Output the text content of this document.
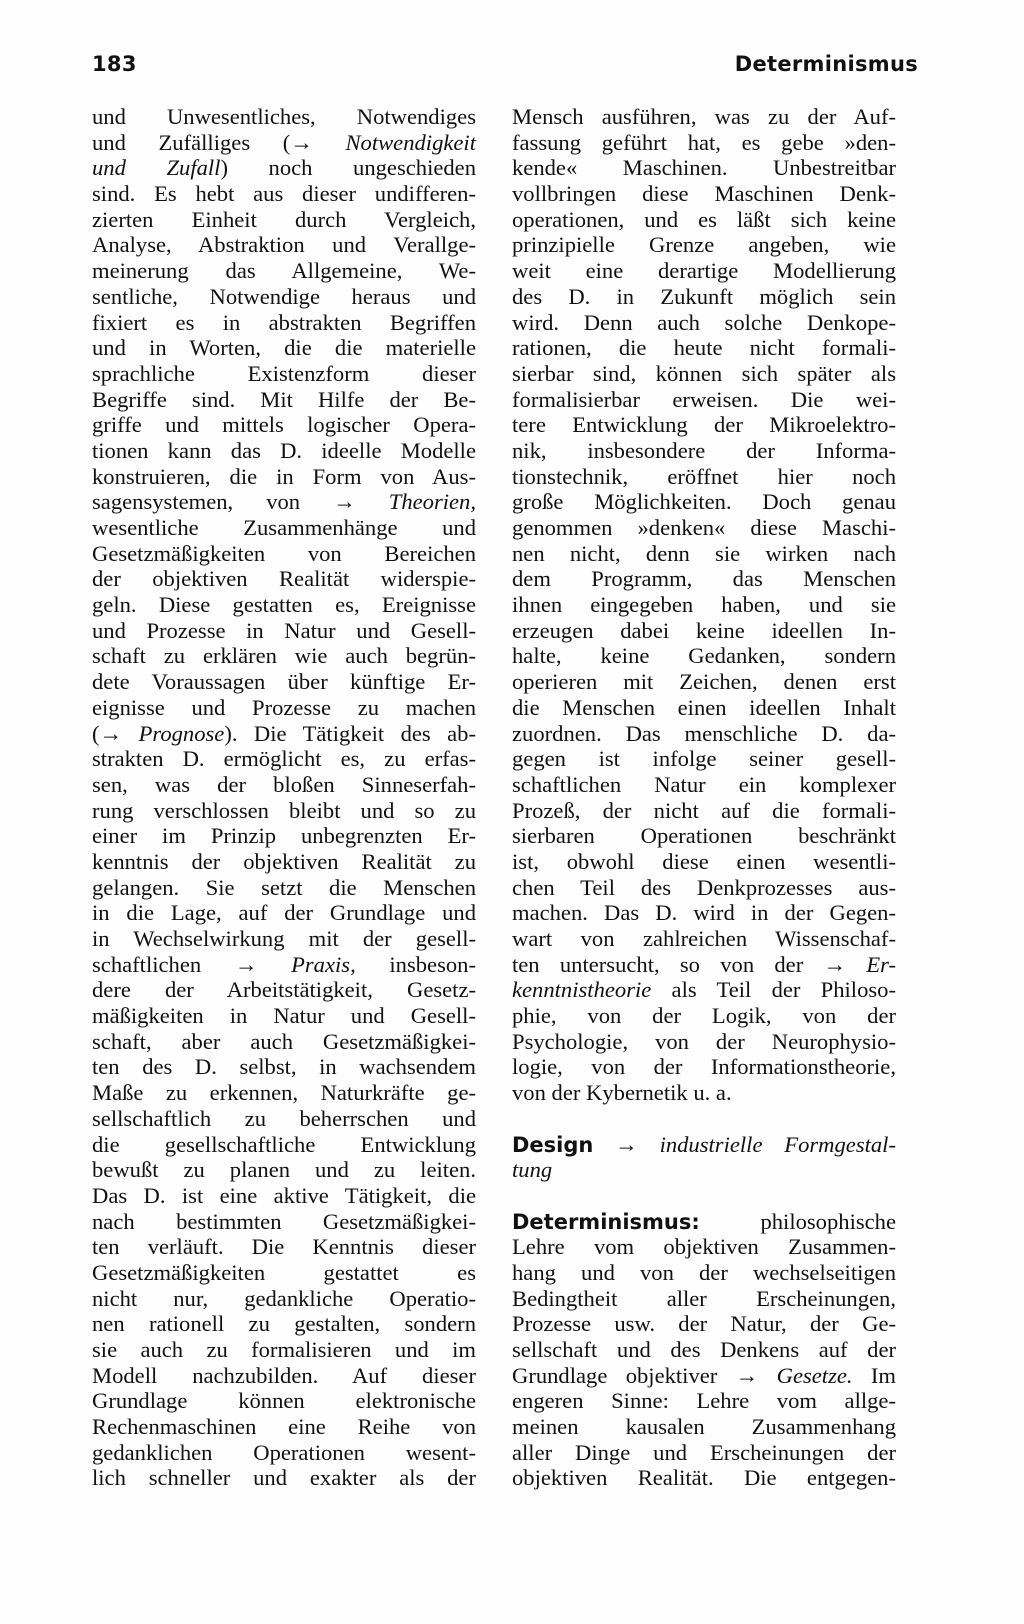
183	Determinismus
und Unwesentliches, Notwendiges
und Zufälliges (→ Notwendigkeit
und Zufall) noch ungeschieden
sind. Es hebt aus dieser undifferen-
zierten Einheit durch Vergleich,
Analyse, Abstraktion und Verallge-
meinerung das Allgemeine, We-
sentliche, Notwendige heraus und
fixiert es in abstrakten Begriffen
und in Worten, die die materielle
sprachliche Existenzform dieser
Begriffe sind. Mit Hilfe der Be-
griffe und mittels logischer Opera-
tionen kann das D. ideelle Modelle
konstruieren, die in Form von Aus-
sagensystemen, von → Theorien,
wesentliche Zusammenhänge und
Gesetzmäßigkeiten von Bereichen
der objektiven Realität widerspie-
geln. Diese gestatten es, Ereignisse
und Prozesse in Natur und Gesell-
schaft zu erklären wie auch begrün-
dete Voraussagen über künftige Er-
eignisse und Prozesse zu machen
(→ Prognose). Die Tätigkeit des ab-
strakten D. ermöglicht es, zu erfas-
sen, was der bloßen Sinneserfah-
rung verschlossen bleibt und so zu
einer im Prinzip unbegrenzten Er-
kenntnis der objektiven Realität zu
gelangen. Sie setzt die Menschen
in die Lage, auf der Grundlage und
in Wechselwirkung mit der gesell-
schaftlichen → Praxis, insbeson-
dere der Arbeitstätigkeit, Gesetz-
mäßigkeiten in Natur und Gesell-
schaft, aber auch Gesetzmäßigkei-
ten des D. selbst, in wachsendem
Maße zu erkennen, Naturkräfte ge-
sellschaftlich zu beherrschen und
die gesellschaftliche Entwicklung
bewußt zu planen und zu leiten.
Das D. ist eine aktive Tätigkeit, die
nach bestimmten Gesetzmäßigkei-
ten verläuft. Die Kenntnis dieser
Gesetzmäßigkeiten gestattet es
nicht nur, gedankliche Operatio-
nen rationell zu gestalten, sondern
sie auch zu formalisieren und im
Modell nachzubilden. Auf dieser
Grundlage können elektronische
Rechenmaschinen eine Reihe von
gedanklichen Operationen wesent-
lich schneller und exakter als der
Mensch ausführen, was zu der Auf-
fassung geführt hat, es gebe »den-
kende« Maschinen. Unbestreitbar
vollbringen diese Maschinen Denk-
operationen, und es läßt sich keine
prinzipielle Grenze angeben, wie
weit eine derartige Modellierung
des D. in Zukunft möglich sein
wird. Denn auch solche Denkope-
rationen, die heute nicht formali-
sierbar sind, können sich später als
formalisierbar erweisen. Die wei-
tere Entwicklung der Mikroelektro-
nik, insbesondere der Informa-
tionstechnik, eröffnet hier noch
große Möglichkeiten. Doch genau
genommen »denken« diese Maschi-
nen nicht, denn sie wirken nach
dem Programm, das Menschen
ihnen eingegeben haben, und sie
erzeugen dabei keine ideellen In-
halte, keine Gedanken, sondern
operieren mit Zeichen, denen erst
die Menschen einen ideellen Inhalt
zuordnen. Das menschliche D. da-
gegen ist infolge seiner gesell-
schaftlichen Natur ein komplexer
Prozeß, der nicht auf die formali-
sierbaren Operationen beschränkt
ist, obwohl diese einen wesentli-
chen Teil des Denkprozesses aus-
machen. Das D. wird in der Gegen-
wart von zahlreichen Wissenschaf-
ten untersucht, so von der → Er-
kenntnistheorie als Teil der Philoso-
phie, von der Logik, von der
Psychologie, von der Neurophysio-
logie, von der Informationstheorie,
von der Kybernetik u. a.
Design → industrielle Formgestal-
tung
Determinismus: philosophische
Lehre vom objektiven Zusammen-
hang und von der wechselseitigen
Bedingtheit aller Erscheinungen,
Prozesse usw. der Natur, der Ge-
sellschaft und des Denkens auf der
Grundlage objektiver → Gesetze. Im
engeren Sinne: Lehre vom allge-
meinen kausalen Zusammenhang
aller Dinge und Erscheinungen der
objektiven Realität. Die entgegen-
